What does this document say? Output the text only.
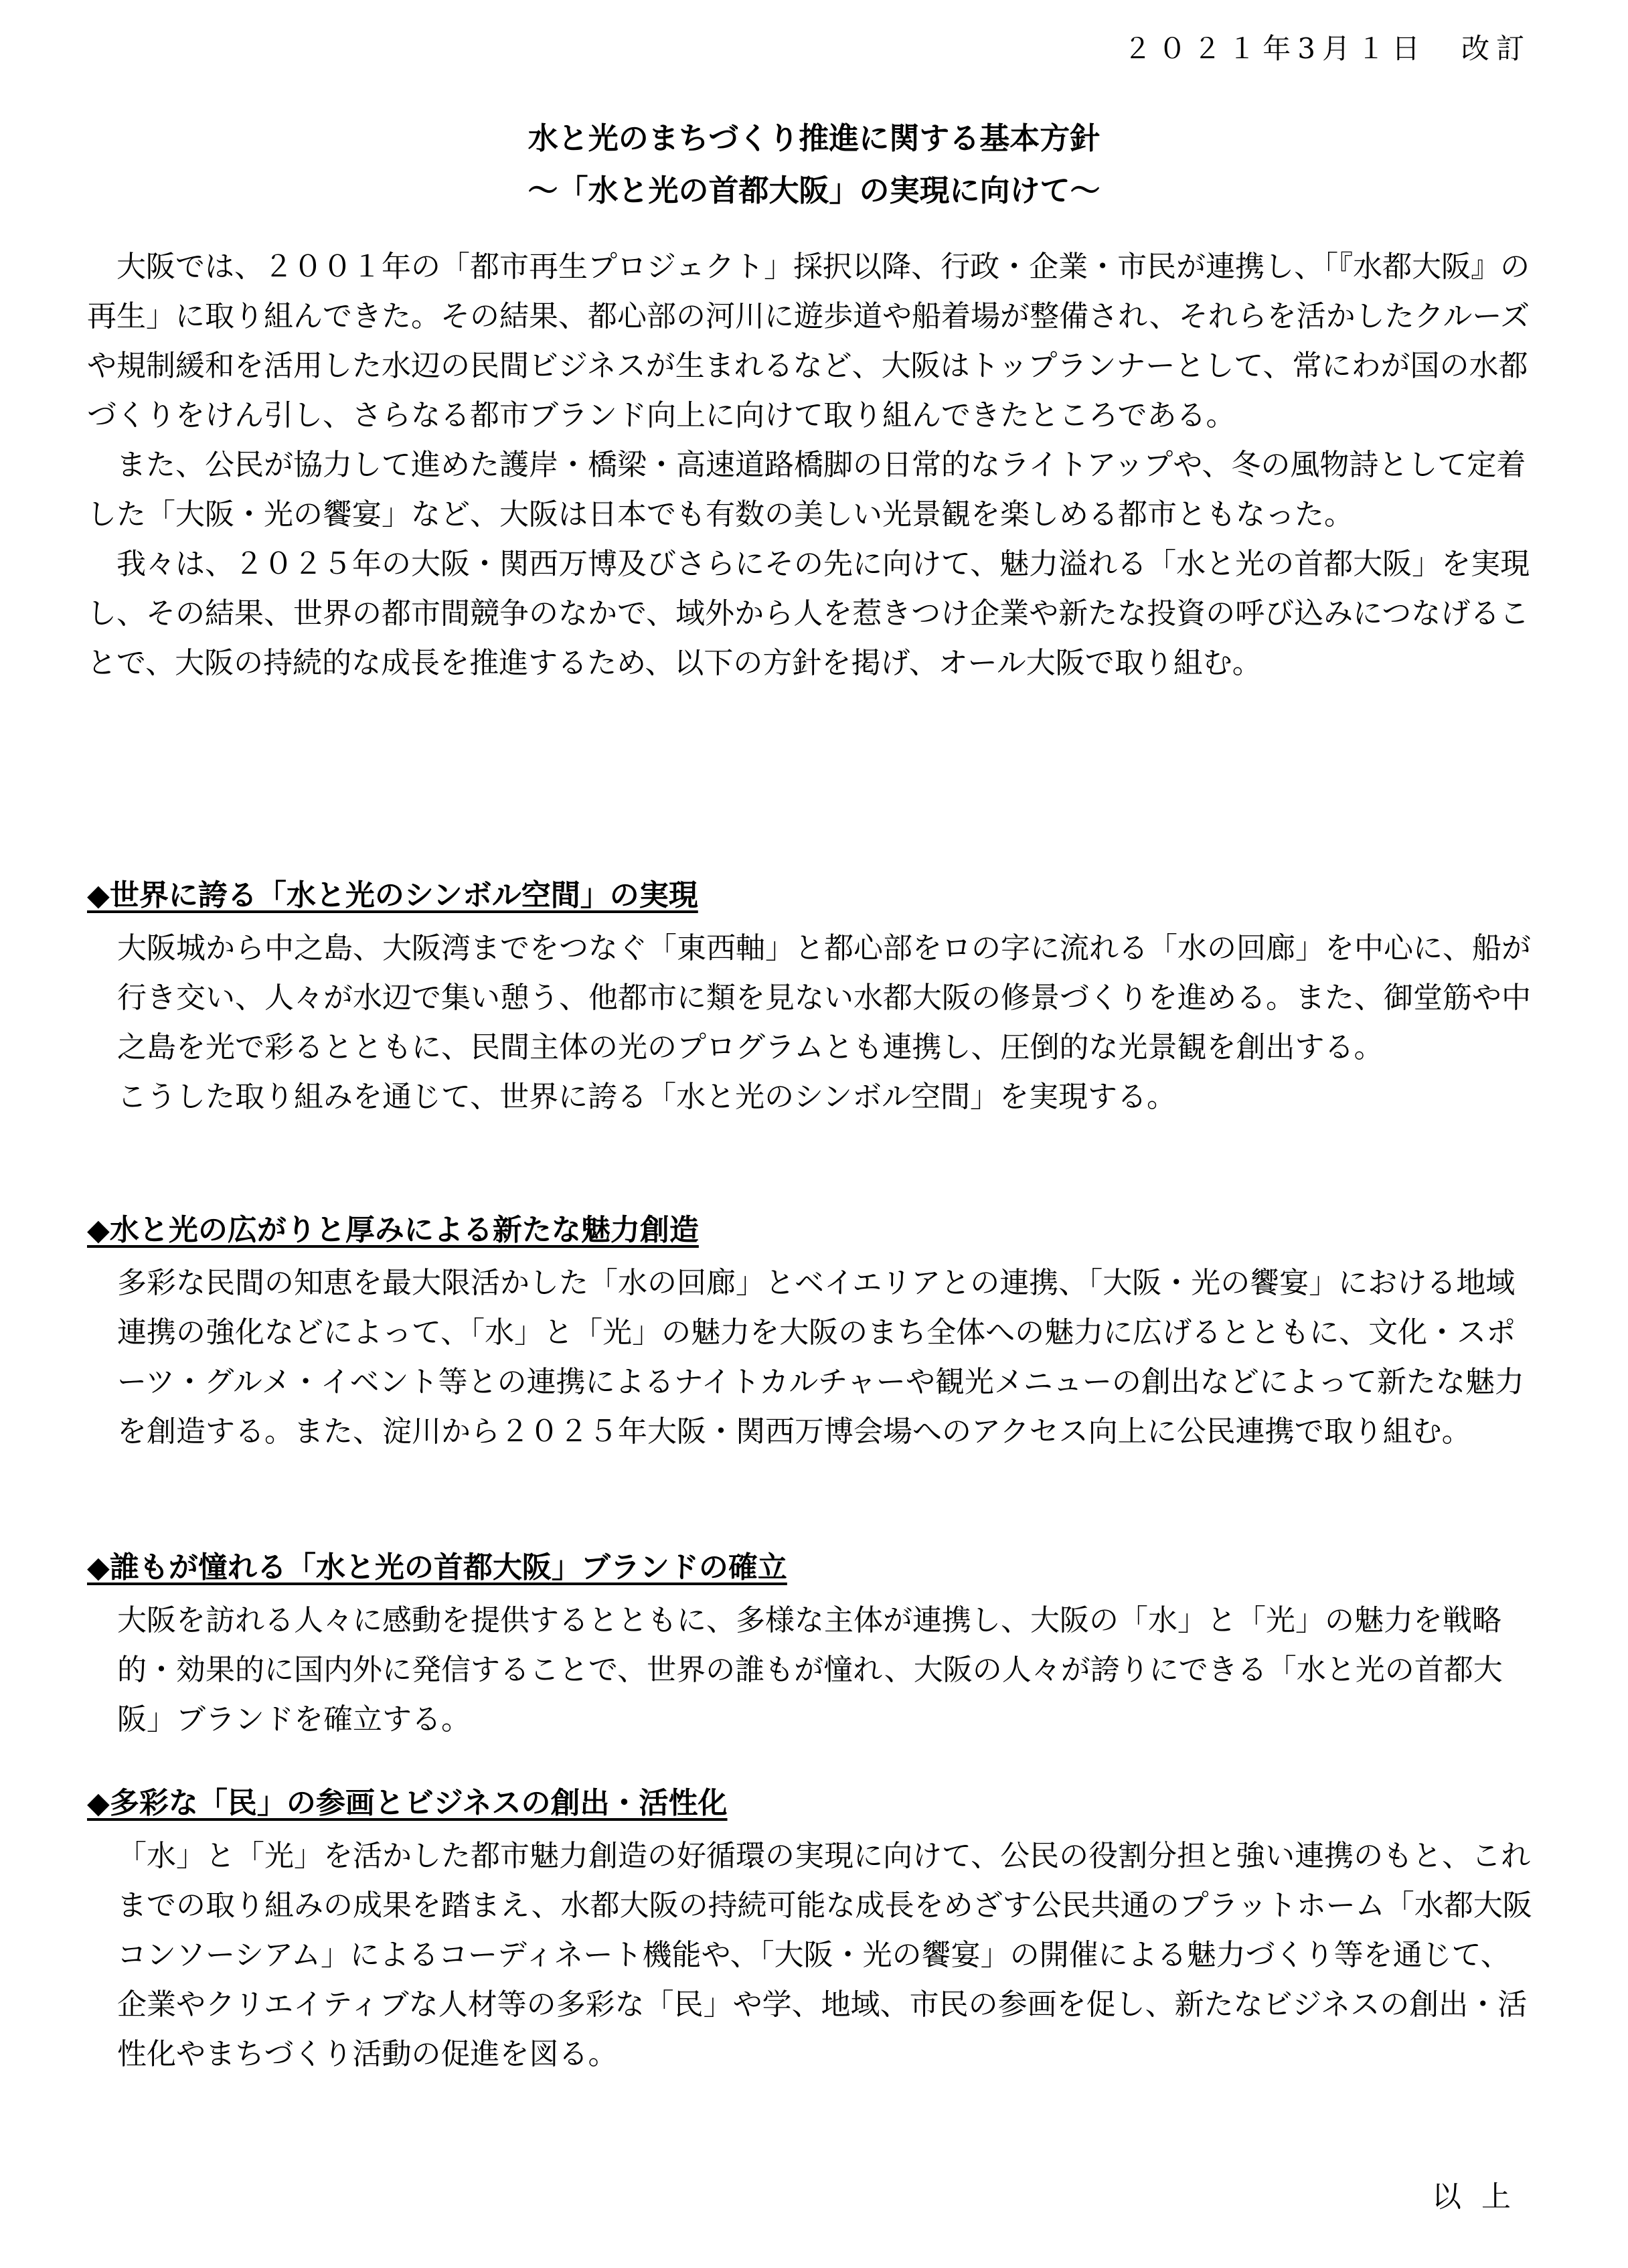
２０２１年3月１日　改訂
水と光のまちづくり推進に関する基本方針
～「水と光の首都大阪」の実現に向けて～

大阪では、２００１年の「都市再生プロジェクト」採択以降、行政・企業・市民が連携し、「『水都大阪』の再生」に取り組んできた。その結果、都心部の河川に遊歩道や船着場が整備され、それらを活かしたクルーズや規制緩和を活用した水辺の民間ビジネスが生まれるなど、大阪はトップランナーとして、常にわが国の水都づくりをけん引し、さらなる都市ブランド向上に向けて取り組んできたところである。

また、公民が協力して進めた護岸・橋梁・高速道路橋脚の日常的なライトアップや、冬の風物詩として定着した「大阪・光の饗宴」など、大阪は日本でも有数の美しい光景観を楽しめる都市ともなった。

我々は、２０２５年の大阪・関西万博及びさらにその先に向けて、魅力溢れる「水と光の首都大阪」を実現し、その結果、世界の都市間競争のなかで、域外から人を惹きつけ企業や新たな投資の呼び込みにつなげることで、大阪の持続的な成長を推進するため、以下の方針を掲げ、オール大阪で取り組む。

◆世界に誇る「水と光のシンボル空間」の実現

大阪城から中之島、大阪湾までをつなぐ「東西軸」と都心部をロの字に流れる「水の回廊」を中心に、船が行き交い、人々が水辺で集い憩う、他都市に類を見ない水都大阪の修景づくりを進める。また、御堂筋や中之島を光で彩るとともに、民間主体の光のプログラムとも連携し、圧倒的な光景観を創出する。

こうした取り組みを通じて、世界に誇る「水と光のシンボル空間」を実現する。

◆水と光の広がりと厚みによる新たな魅力創造

多彩な民間の知恵を最大限活かした「水の回廊」とベイエリアとの連携、「大阪・光の饗宴」における地域連携の強化などによって、「水」と「光」の魅力を大阪のまち全体への魅力に広げるとともに、文化・スポーツ・グルメ・イベント等との連携によるナイトカルチャーや観光メニューの創出などによって新たな魅力を創造する。また、淀川から２０２５年大阪・関西万博会場へのアクセス向上に公民連携で取り組む。

◆誰もが憧れる「水と光の首都大阪」ブランドの確立

大阪を訪れる人々に感動を提供するとともに、多様な主体が連携し、大阪の「水」と「光」の魅力を戦略的・効果的に国内外に発信することで、世界の誰もが憧れ、大阪の人々が誇りにできる「水と光の首都大阪」ブランドを確立する。

◆多彩な「民」の参画とビジネスの創出・活性化

「水」と「光」を活かした都市魅力創造の好循環の実現に向けて、公民の役割分担と強い連携のもと、これまでの取り組みの成果を踏まえ、水都大阪の持続可能な成長をめざす公民共通のプラットホーム「水都大阪コンソーシアム」によるコーディネート機能や、「大阪・光の饗宴」の開催による魅力づくり等を通じて、企業やクリエイティブな人材等の多彩な「民」や学、地域、市民の参画を促し、新たなビジネスの創出・活性化やまちづくり活動の促進を図る。

以上
